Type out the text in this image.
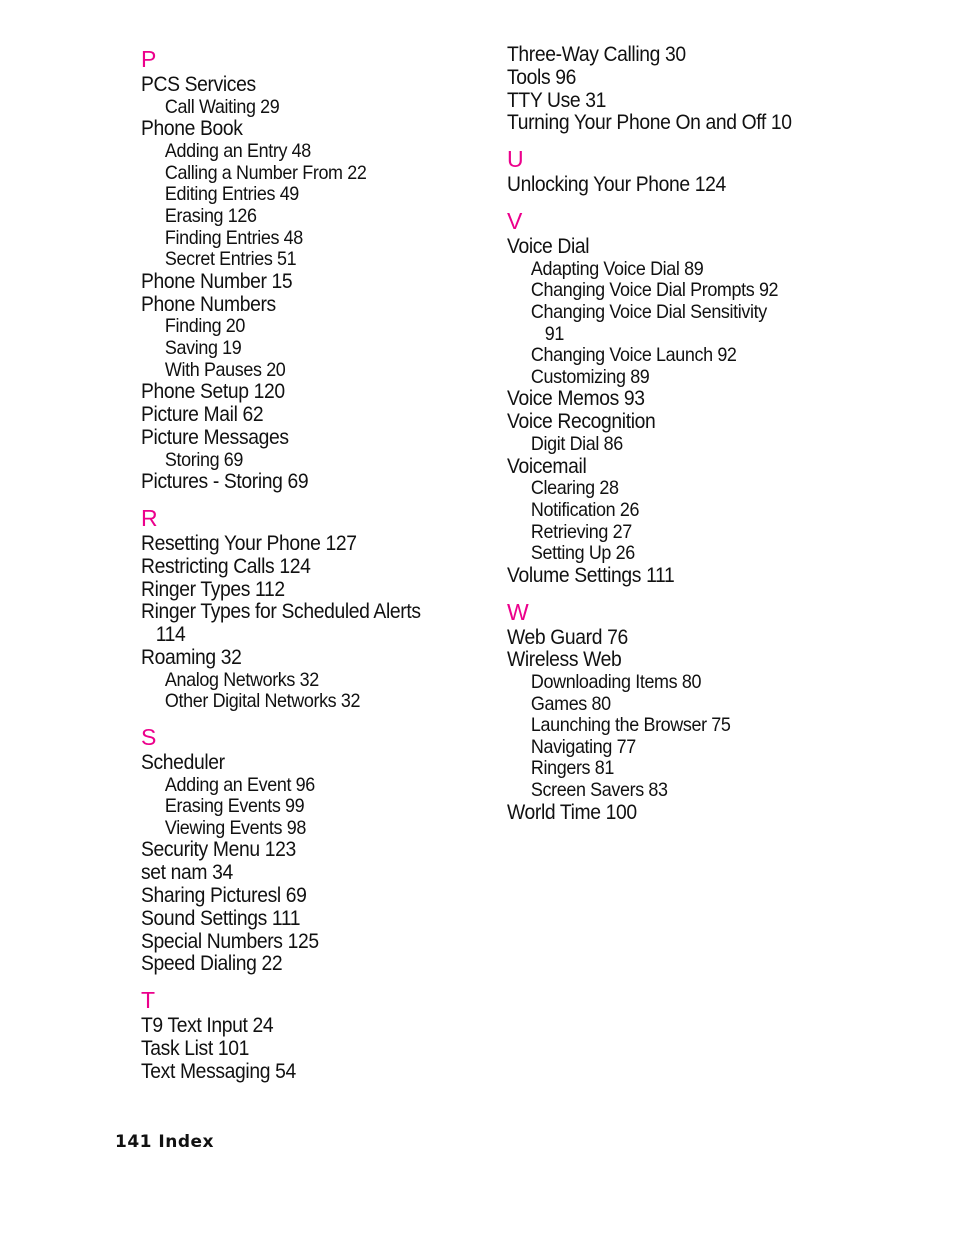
P
PCS Services
Call Waiting 29
Phone Book
Adding an Entry 48
Calling a Number From 22
Editing Entries 49
Erasing 126
Finding Entries 48
Secret Entries 51
Phone Number 15
Phone Numbers
Finding 20
Saving 19
With Pauses 20
Phone Setup 120
Picture Mail 62
Picture Messages
Storing 69
Pictures - Storing 69
R
Resetting Your Phone 127
Restricting Calls 124
Ringer Types 112
Ringer Types for Scheduled Alerts
114
Roaming 32
Analog Networks 32
Other Digital Networks 32
S
Scheduler
Adding an Event 96
Erasing Events 99
Viewing Events 98
Security Menu 123
set nam 34
Sharing Picturesl 69
Sound Settings 111
Special Numbers 125
Speed Dialing 22
T
T9 Text Input 24
Task List 101
Text Messaging 54
Three-Way Calling 30
Tools 96
TTY Use 31
Turning Your Phone On and Off 10
U
Unlocking Your Phone 124
V
Voice Dial
Adapting Voice Dial 89
Changing Voice Dial Prompts 92
Changing Voice Dial Sensitivity
91
Changing Voice Launch 92
Customizing 89
Voice Memos 93
Voice Recognition
Digit Dial 86
Voicemail
Clearing 28
Notification 26
Retrieving 27
Setting Up 26
Volume Settings 111
W
Web Guard 76
Wireless Web
Downloading Items 80
Games 80
Launching the Browser 75
Navigating 77
Ringers 81
Screen Savers 83
World Time 100
141 Index
